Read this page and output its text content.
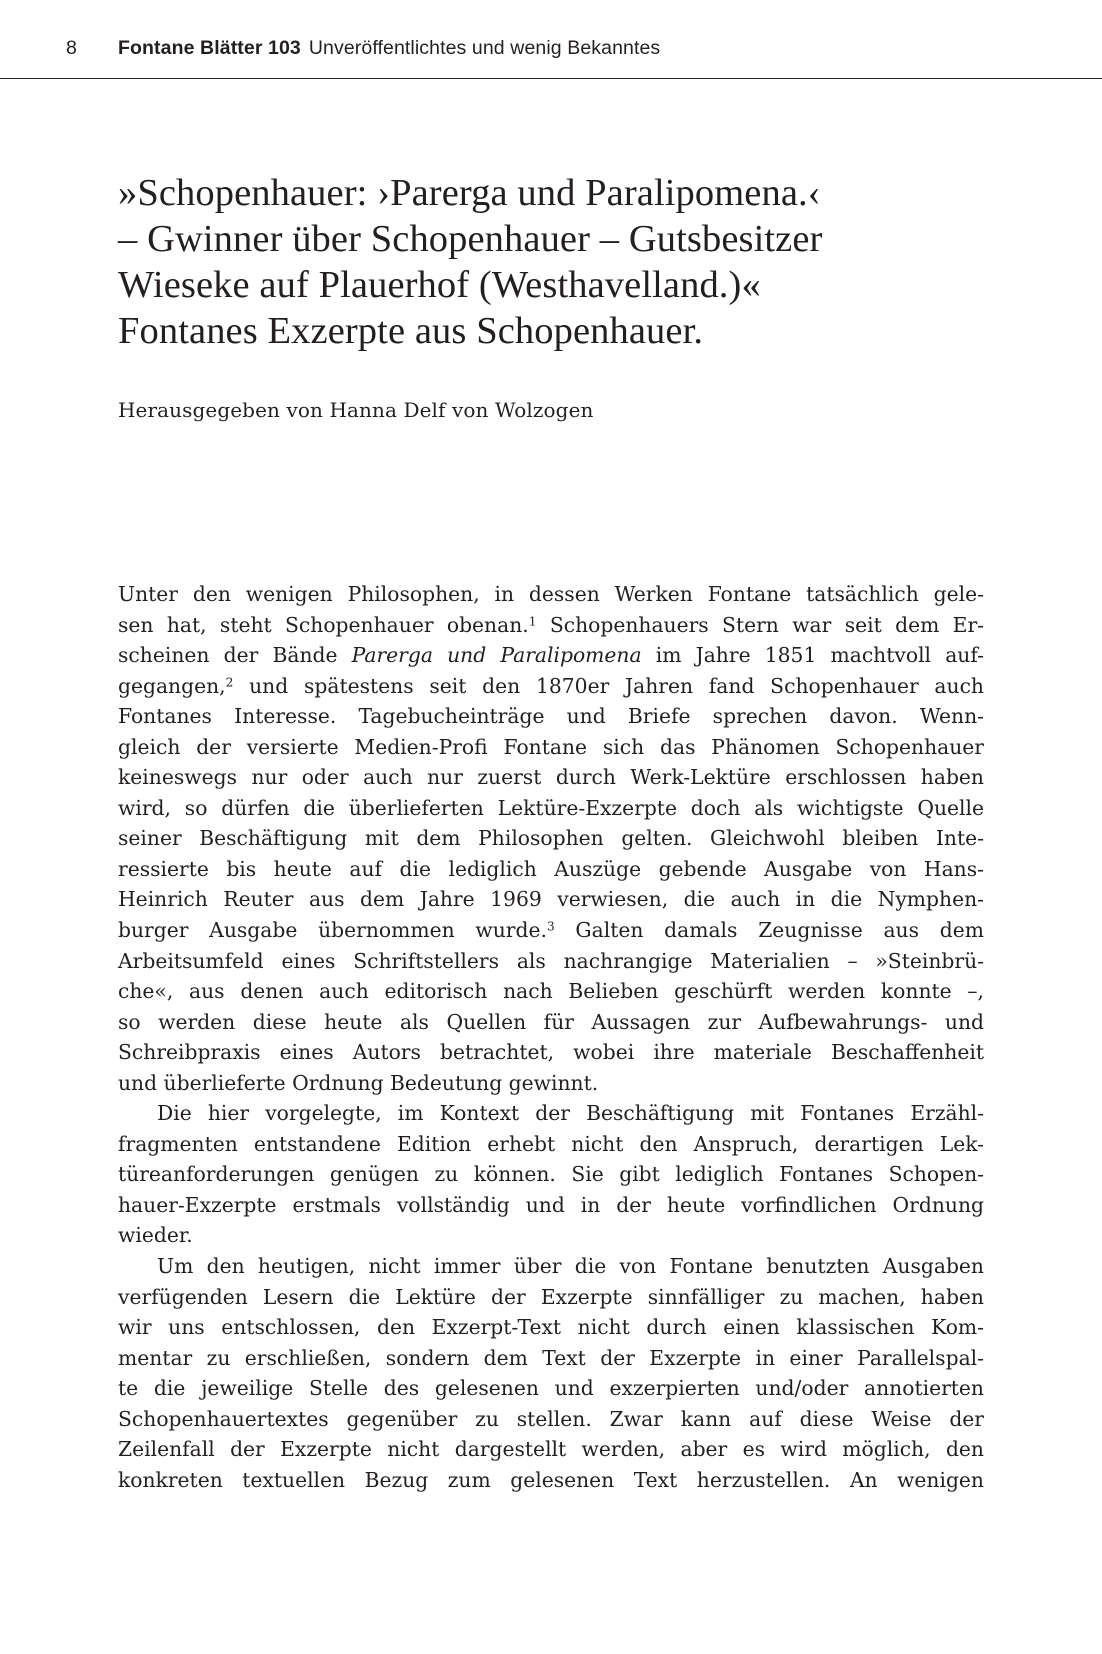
8 Fontane Blätter 103 Unveröffentlichtes und wenig Bekanntes
»Schopenhauer: ›Parerga und Paralipomena.‹
– Gwinner über Schopenhauer – Gutsbesitzer
Wieseke auf Plauerhof (Westhavelland.)«
Fontanes Exzerpte aus Schopenhauer.
Herausgegeben von Hanna Delf von Wolzogen
Unter den wenigen Philosophen, in dessen Werken Fontane tatsächlich gele-
sen hat, steht Schopenhauer obenan.$^1$ Schopenhauers Stern war seit dem Er-
scheinen der Bände Parerga und Paralipomena im Jahre 1851 machtvoll auf-
gegangen,$^2$ und spätestens seit den 1870er Jahren fand Schopenhauer auch
Fontanes Interesse. Tagebucheinträge und Briefe sprechen davon. Wenn-
gleich der versierte Medien-Profi Fontane sich das Phänomen Schopenhauer
keineswegs nur oder auch nur zuerst durch Werk-Lektüre erschlossen haben
wird, so dürfen die überlieferten Lektüre-Exzerpte doch als wichtigste Quelle
seiner Beschäftigung mit dem Philosophen gelten. Gleichwohl bleiben Inte-
ressierte bis heute auf die lediglich Auszüge gebende Ausgabe von Hans-
Heinrich Reuter aus dem Jahre 1969 verwiesen, die auch in die Nymphen-
burger Ausgabe übernommen wurde.$^3$ Galten damals Zeugnisse aus dem
Arbeitsumfeld eines Schriftstellers als nachrangige Materialien – »Steinbrü-
che«, aus denen auch editorisch nach Belieben geschürft werden konnte –,
so werden diese heute als Quellen für Aussagen zur Aufbewahrungs- und
Schreibpraxis eines Autors betrachtet, wobei ihre materiale Beschaffenheit
und überlieferte Ordnung Bedeutung gewinnt.
Die hier vorgelegte, im Kontext der Beschäftigung mit Fontanes Erzähl-
fragmenten entstandene Edition erhebt nicht den Anspruch, derartigen Lek-
türeanforderungen genügen zu können. Sie gibt lediglich Fontanes Schopen-
hauer-Exzerpte erstmals vollständig und in der heute vorfindlichen Ordnung
wieder.
Um den heutigen, nicht immer über die von Fontane benutzten Ausgaben
verfügenden Lesern die Lektüre der Exzerpte sinnfälliger zu machen, haben
wir uns entschlossen, den Exzerpt-Text nicht durch einen klassischen Kom-
mentar zu erschließen, sondern dem Text der Exzerpte in einer Parallelspal-
te die jeweilige Stelle des gelesenen und exzerpierten und/oder annotierten
Schopenhauertextes gegenüber zu stellen. Zwar kann auf diese Weise der
Zeilenfall der Exzerpte nicht dargestellt werden, aber es wird möglich, den
konkreten textuellen Bezug zum gelesenen Text herzustellen. An wenigen
